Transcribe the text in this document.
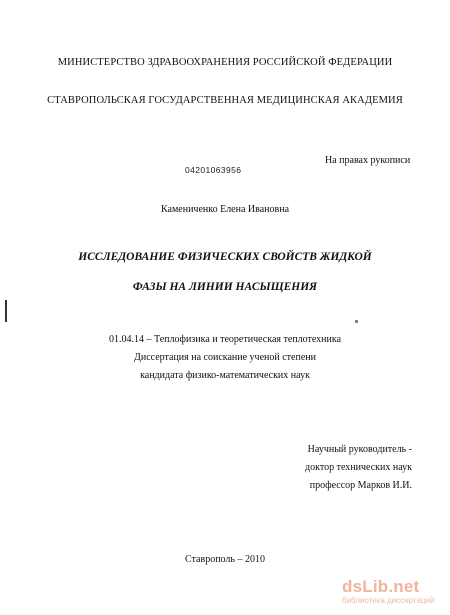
МИНИСТЕРСТВО ЗДРАВООХРАНЕНИЯ РОССИЙСКОЙ ФЕДЕРАЦИИ
СТАВРОПОЛЬСКАЯ ГОСУДАРСТВЕННАЯ МЕДИЦИНСКАЯ АКАДЕМИЯ
На правах рукописи
04201063956
Камениченко Елена Ивановна
ИССЛЕДОВАНИЕ ФИЗИЧЕСКИХ СВОЙСТВ ЖИДКОЙ
ФАЗЫ НА ЛИНИИ НАСЫЩЕНИЯ
01.04.14 – Теплофизика и теоретическая теплотехника
Диссертация на соискание ученой степени
кандидата физико-математических наук
Научный руководитель -
доктор технических наук
профессор Марков И.И.
Ставрополь – 2010
dsLib.net
библиотека диссертаций
